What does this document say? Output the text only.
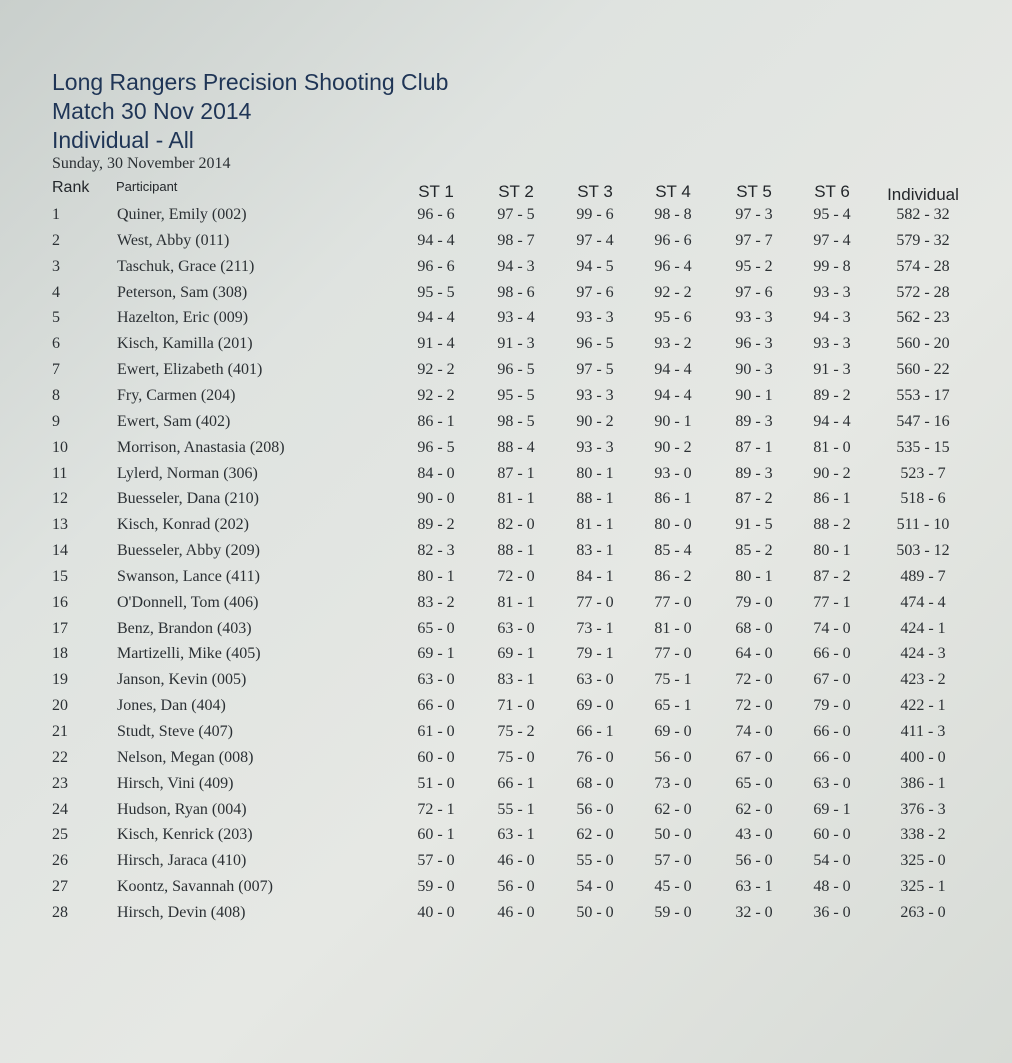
Long Rangers Precision Shooting Club
Match 30 Nov 2014
Individual - All
Sunday, 30 November 2014
Rank Participant	ST 1	ST 2	ST 3	ST 4	ST 5	ST 6	Individual
1	Quiner, Emily (002)	96 - 6	97 - 5	99 - 6	98 - 8	97 - 3	95 - 4	582 - 32
2	West, Abby (011)	94 - 4	98 - 7	97 - 4	96 - 6	97 - 7	97 - 4	579 - 32
3	Taschuk, Grace (211)	96 - 6	94 - 3	94 - 5	96 - 4	95 - 2	99 - 8	574 - 28
4	Peterson, Sam (308)	95 - 5	98 - 6	97 - 6	92 - 2	97 - 6	93 - 3	572 - 28
5	Hazelton, Eric (009)	94 - 4	93 - 4	93 - 3	95 - 6	93 - 3	94 - 3	562 - 23
6	Kisch, Kamilla (201)	91 - 4	91 - 3	96 - 5	93 - 2	96 - 3	93 - 3	560 - 20
7	Ewert, Elizabeth (401)	92 - 2	96 - 5	97 - 5	94 - 4	90 - 3	91 - 3	560 - 22
8	Fry, Carmen (204)	92 - 2	95 - 5	93 - 3	94 - 4	90 - 1	89 - 2	553 - 17
9	Ewert, Sam (402)	86 - 1	98 - 5	90 - 2	90 - 1	89 - 3	94 - 4	547 - 16
10	Morrison, Anastasia (208)	96 - 5	88 - 4	93 - 3	90 - 2	87 - 1	81 - 0	535 - 15
11	Lylerd, Norman (306)	84 - 0	87 - 1	80 - 1	93 - 0	89 - 3	90 - 2	523 - 7
12	Buesseler, Dana (210)	90 - 0	81 - 1	88 - 1	86 - 1	87 - 2	86 - 1	518 - 6
13	Kisch, Konrad (202)	89 - 2	82 - 0	81 - 1	80 - 0	91 - 5	88 - 2	511 - 10
14	Buesseler, Abby (209)	82 - 3	88 - 1	83 - 1	85 - 4	85 - 2	80 - 1	503 - 12
15	Swanson, Lance (411)	80 - 1	72 - 0	84 - 1	86 - 2	80 - 1	87 - 2	489 - 7
16	O'Donnell, Tom (406)	83 - 2	81 - 1	77 - 0	77 - 0	79 - 0	77 - 1	474 - 4
17	Benz, Brandon (403)	65 - 0	63 - 0	73 - 1	81 - 0	68 - 0	74 - 0	424 - 1
18	Martizelli, Mike (405)	69 - 1	69 - 1	79 - 1	77 - 0	64 - 0	66 - 0	424 - 3
19	Janson, Kevin (005)	63 - 0	83 - 1	63 - 0	75 - 1	72 - 0	67 - 0	423 - 2
20	Jones, Dan (404)	66 - 0	71 - 0	69 - 0	65 - 1	72 - 0	79 - 0	422 - 1
21	Studt, Steve (407)	61 - 0	75 - 2	66 - 1	69 - 0	74 - 0	66 - 0	411 - 3
22	Nelson, Megan (008)	60 - 0	75 - 0	76 - 0	56 - 0	67 - 0	66 - 0	400 - 0
23	Hirsch, Vini (409)	51 - 0	66 - 1	68 - 0	73 - 0	65 - 0	63 - 0	386 - 1
24	Hudson, Ryan (004)	72 - 1	55 - 1	56 - 0	62 - 0	62 - 0	69 - 1	376 - 3
25	Kisch, Kenrick (203)	60 - 1	63 - 1	62 - 0	50 - 0	43 - 0	60 - 0	338 - 2
26	Hirsch, Jaraca (410)	57 - 0	46 - 0	55 - 0	57 - 0	56 - 0	54 - 0	325 - 0
27	Koontz, Savannah (007)	59 - 0	56 - 0	54 - 0	45 - 0	63 - 1	48 - 0	325 - 1
28	Hirsch, Devin (408)	40 - 0	46 - 0	50 - 0	59 - 0	32 - 0	36 - 0	263 - 0
